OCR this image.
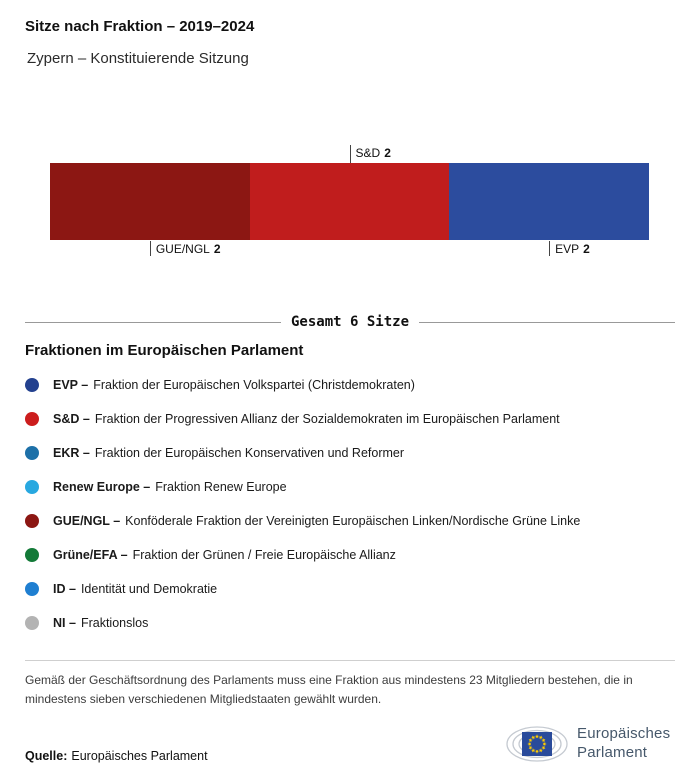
Sitze nach Fraktion – 2019–2024
Zypern – Konstituierende Sitzung
GUE/NGL 2
S&D 2
EVP 2
Gesamt 6 Sitze
Fraktionen im Europäischen Parlament
EVP – Fraktion der Europäischen Volkspartei (Christdemokraten)
S&D – Fraktion der Progressiven Allianz der Sozialdemokraten im Europäischen Parlament
EKR – Fraktion der Europäischen Konservativen und Reformer
Renew Europe – Fraktion Renew Europe
GUE/NGL – Konföderale Fraktion der Vereinigten Europäischen Linken/Nordische Grüne Linke
Grüne/EFA – Fraktion der Grünen / Freie Europäische Allianz
ID – Identität und Demokratie
NI – Fraktionslos
Gemäß der Geschäftsordnung des Parlaments muss eine Fraktion aus mindestens 23 Mitgliedern bestehen, die in mindestens sieben verschiedenen Mitgliedstaaten gewählt wurden.
Quelle: Europäisches Parlament
Europäisches
Parlament
